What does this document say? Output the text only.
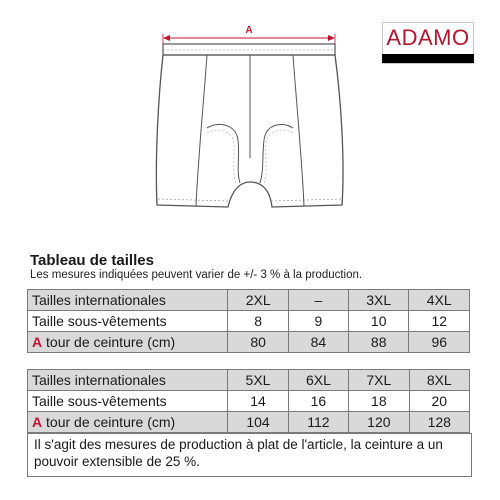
A	ADAMO
Tableau de tailles
Les mesures indiquées peuvent varier de +/- 3 % à la production.
Tailles internationales	2XL	–	3XL	4XL
Taille sous-vêtements	8	9	10	12
A tour de ceinture (cm)	80	84	88	96
Tailles internationales	5XL	6XL	7XL	8XL
Taille sous-vêtements	14	16	18	20
A tour de ceinture (cm)	104	112	120	128
Il s'agit des mesures de production à plat de l'article, la ceinture a un pouvoir extensible de 25 %.
